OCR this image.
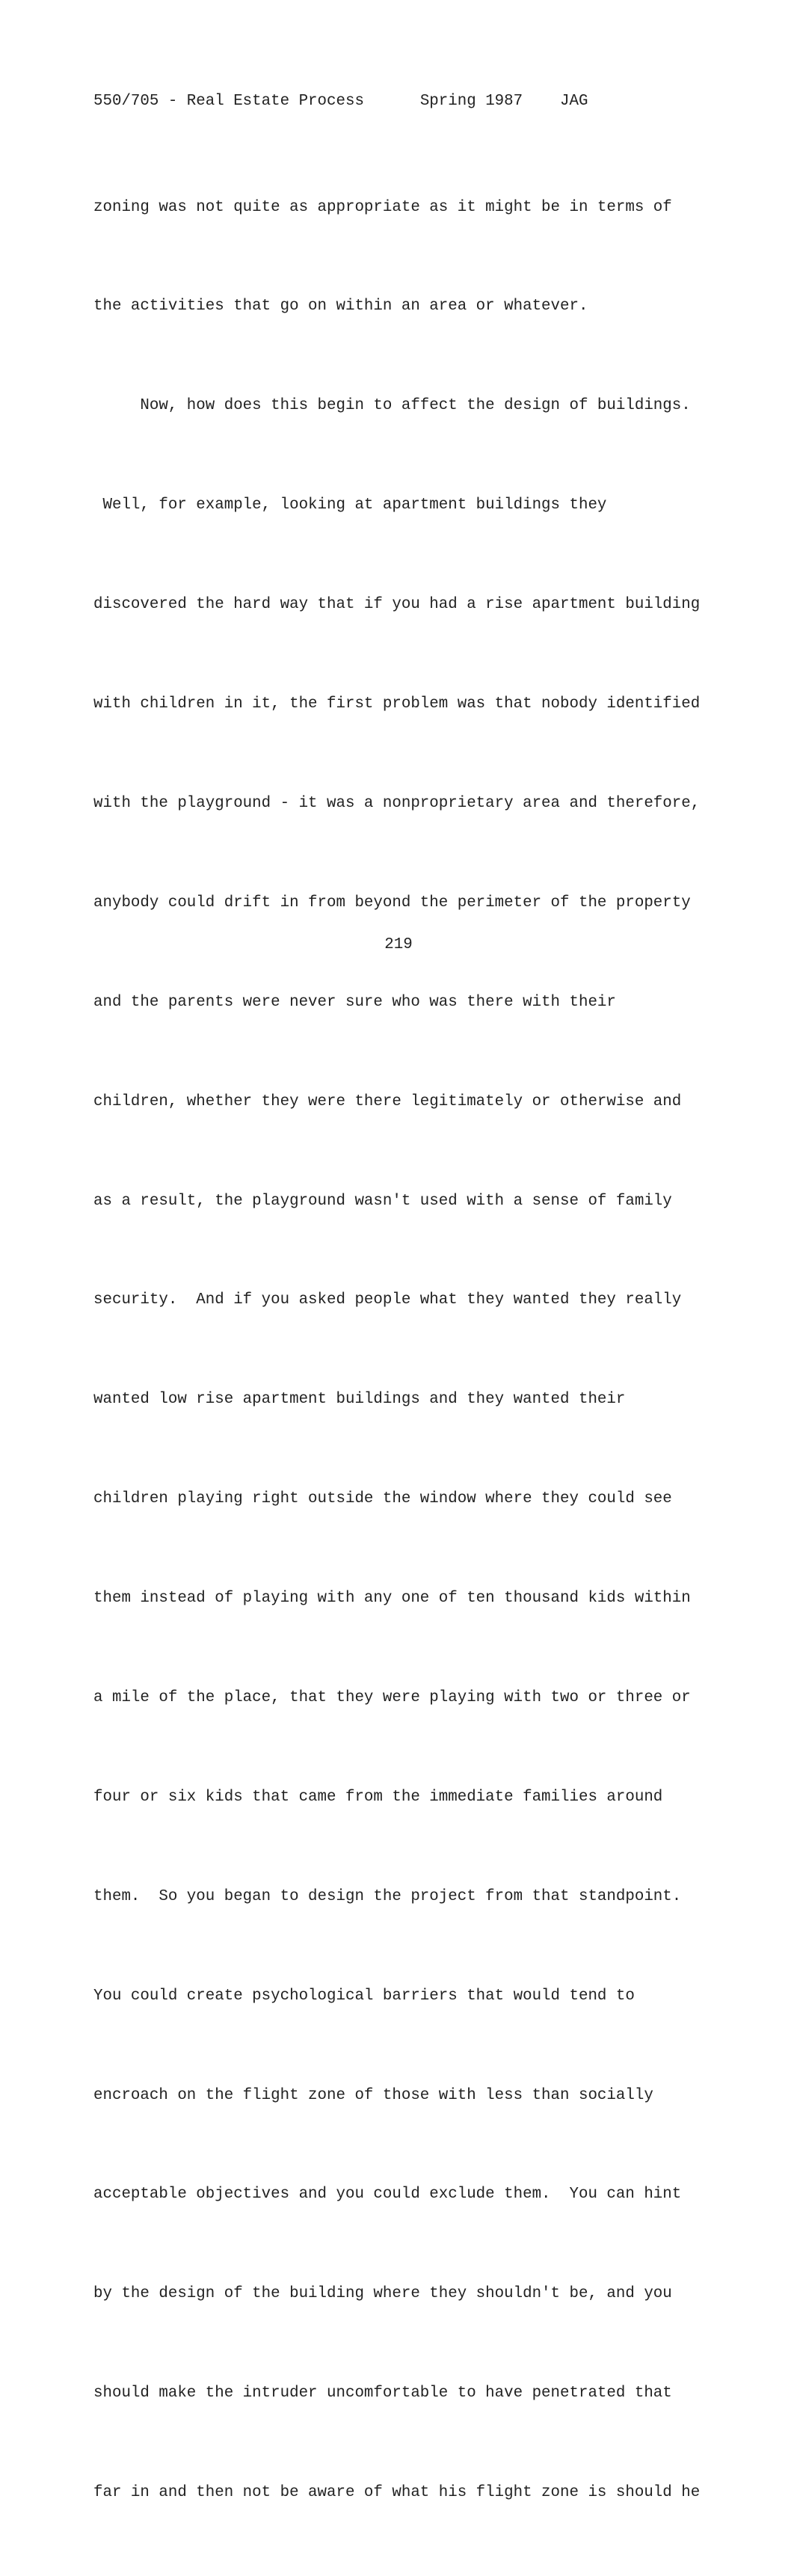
550/705 - Real Estate Process	Spring 1987 JAG

zoning was not quite as appropriate as it might be in terms of

the activities that go on within an area or whatever.

Now, how does this begin to affect the design of buildings.

Well, for example, looking at apartment buildings they

discovered the hard way that if you had a rise apartment building

with children in it, the first problem was that nobody identified

with the playground - it was a nonproprietary area and therefore,

anybody could drift in from beyond the perimeter of the property

and the parents were never sure who was there with their

children, whether they were there legitimately or otherwise and

as a result, the playground wasn't used with a sense of family

security.  And if you asked people what they wanted they really

wanted low rise apartment buildings and they wanted their

children playing right outside the window where they could see

them instead of playing with any one of ten thousand kids within

a mile of the place, that they were playing with two or three or

four or six kids that came from the immediate families around

them.  So you began to design the project from that standpoint.

You could create psychological barriers that would tend to

encroach on the flight zone of those with less than socially

acceptable objectives and you could exclude them.  You can hint

by the design of the building where they shouldn't be, and you

should make the intruder uncomfortable to have penetrated that

far in and then not be aware of what his flight zone is should he

219
